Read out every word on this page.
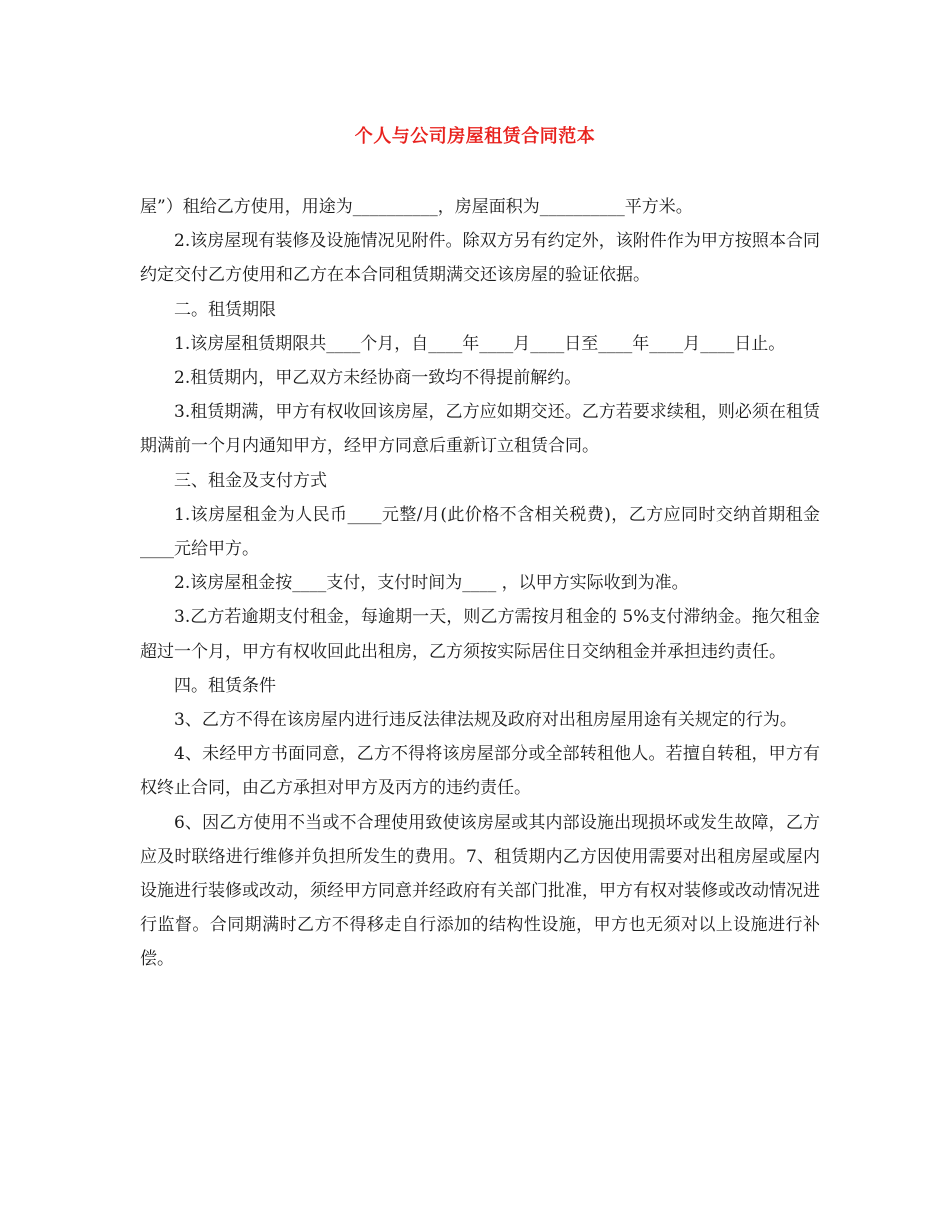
个人与公司房屋租赁合同范本

屋”）租给乙方使用，用途为__________，房屋面积为__________平方米。

2.该房屋现有装修及设施情况见附件。除双方另有约定外，该附件作为甲方按照本合同约定交付乙方使用和乙方在本合同租赁期满交还该房屋的验证依据。

二。租赁期限

1.该房屋租赁期限共____个月，自____年____月____日至____年____月____日止。

2.租赁期内，甲乙双方未经协商一致均不得提前解约。

3.租赁期满，甲方有权收回该房屋，乙方应如期交还。乙方若要求续租，则必须在租赁期满前一个月内通知甲方，经甲方同意后重新订立租赁合同。

三、租金及支付方式

1.该房屋租金为人民币____元整/月(此价格不含相关税费)，乙方应同时交纳首期租金____元给甲方。

2.该房屋租金按____支付，支付时间为____ ，以甲方实际收到为准。

3.乙方若逾期支付租金，每逾期一天，则乙方需按月租金的 5%支付滞纳金。拖欠租金超过一个月，甲方有权收回此出租房，乙方须按实际居住日交纳租金并承担违约责任。

四。租赁条件

3、乙方不得在该房屋内进行违反法律法规及政府对出租房屋用途有关规定的行为。

4、未经甲方书面同意，乙方不得将该房屋部分或全部转租他人。若擅自转租，甲方有权终止合同，由乙方承担对甲方及丙方的违约责任。

6、因乙方使用不当或不合理使用致使该房屋或其内部设施出现损坏或发生故障，乙方应及时联络进行维修并负担所发生的费用。7、租赁期内乙方因使用需要对出租房屋或屋内设施进行装修或改动，须经甲方同意并经政府有关部门批准，甲方有权对装修或改动情况进行监督。合同期满时乙方不得移走自行添加的结构性设施，甲方也无须对以上设施进行补偿。
